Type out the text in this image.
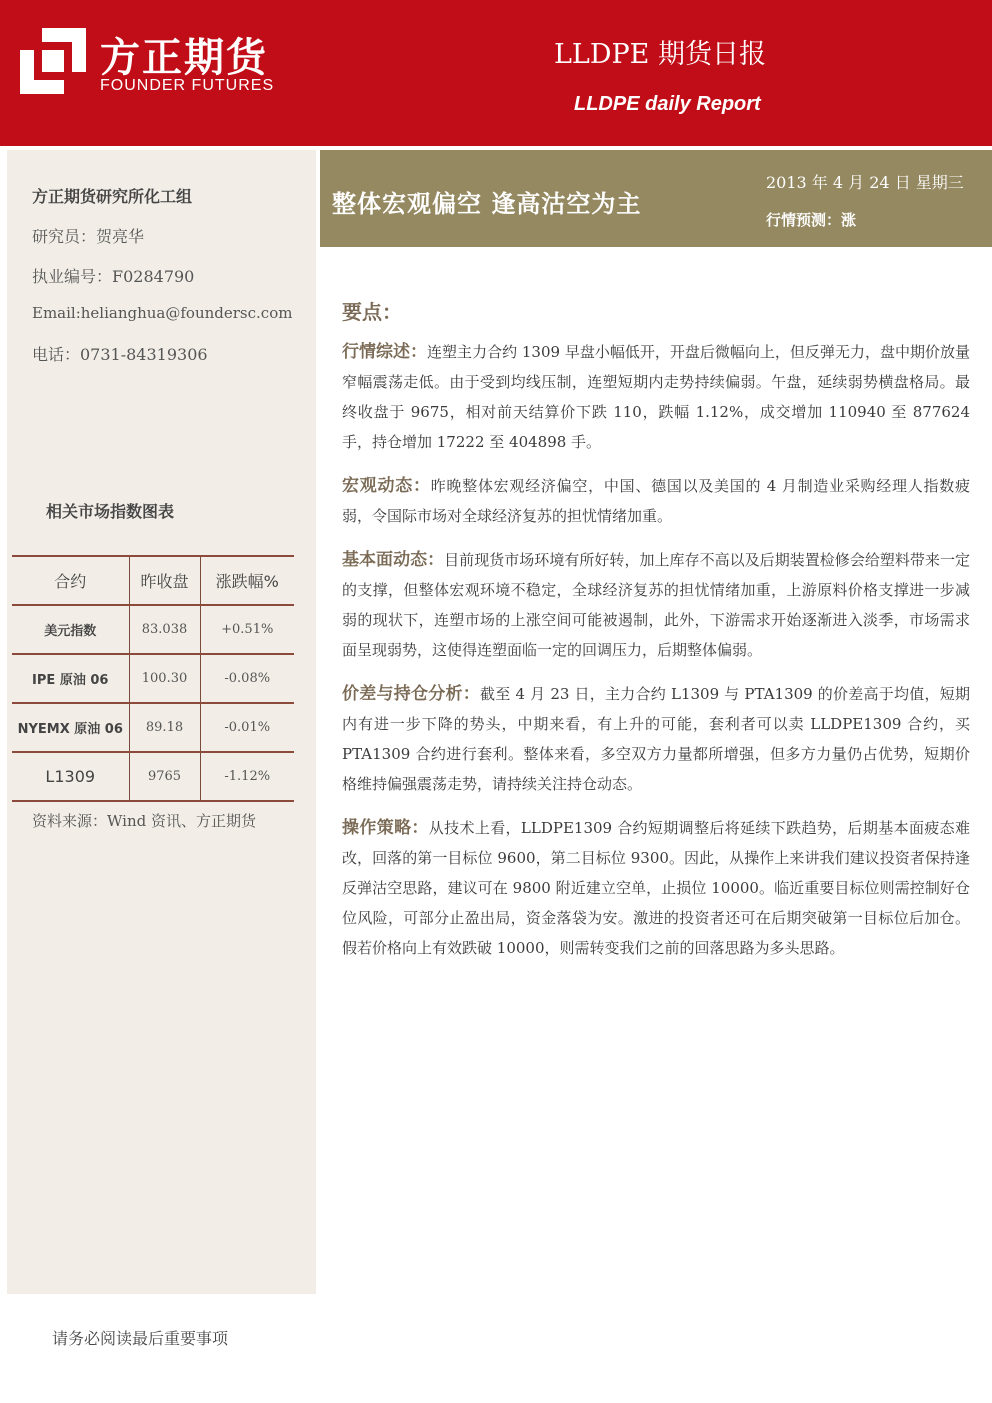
方正期货
FOUNDER FUTURES
LLDPE 期货日报
LLDPE daily Report
方正期货研究所化工组
研究员：贺亮华
执业编号：F0284790
Email:helianghua@foundersc.com
电话：0731-84319306
相关市场指数图表
合约	昨收盘	涨跌幅%
美元指数	83.038	+0.51%
IPE 原油 06	100.30	-0.08%
NYEMX 原油 06	89.18	-0.01%
L1309	9765	-1.12%
资料来源：Wind 资讯、方正期货
请务必阅读最后重要事项
整体宏观偏空 逢高沽空为主
2013 年 4 月 24 日 星期三
行情预测：涨
要点：

行情综述：连塑主力合约 1309 早盘小幅低开，开盘后微幅向上，但反弹无力，盘中期价放量窄幅震荡走低。由于受到均线压制，连塑短期内走势持续偏弱。午盘，延续弱势横盘格局。最终收盘于 9675，相对前天结算价下跌 110，跌幅 1.12%，成交增加 110940 至 877624 手，持仓增加 17222 至 404898 手。

宏观动态：昨晚整体宏观经济偏空，中国、德国以及美国的 4 月制造业采购经理人指数疲弱，令国际市场对全球经济复苏的担忧情绪加重。

基本面动态：目前现货市场环境有所好转，加上库存不高以及后期装置检修会给塑料带来一定的支撑，但整体宏观环境不稳定，全球经济复苏的担忧情绪加重，上游原料价格支撑进一步减弱的现状下，连塑市场的上涨空间可能被遏制，此外，下游需求开始逐渐进入淡季，市场需求面呈现弱势，这使得连塑面临一定的回调压力，后期整体偏弱。

价差与持仓分析：截至 4 月 23 日，主力合约 L1309 与 PTA1309 的价差高于均值，短期内有进一步下降的势头，中期来看，有上升的可能，套利者可以卖 LLDPE1309 合约，买 PTA1309 合约进行套利。整体来看，多空双方力量都所增强，但多方力量仍占优势，短期价格维持偏强震荡走势，请持续关注持仓动态。

操作策略：从技术上看，LLDPE1309 合约短期调整后将延续下跌趋势，后期基本面疲态难改，回落的第一目标位 9600，第二目标位 9300。因此，从操作上来讲我们建议投资者保持逢反弹沽空思路，建议可在 9800 附近建立空单，止损位 10000。临近重要目标位则需控制好仓位风险，可部分止盈出局，资金落袋为安。激进的投资者还可在后期突破第一目标位后加仓。假若价格向上有效跌破 10000，则需转变我们之前的回落思路为多头思路。
